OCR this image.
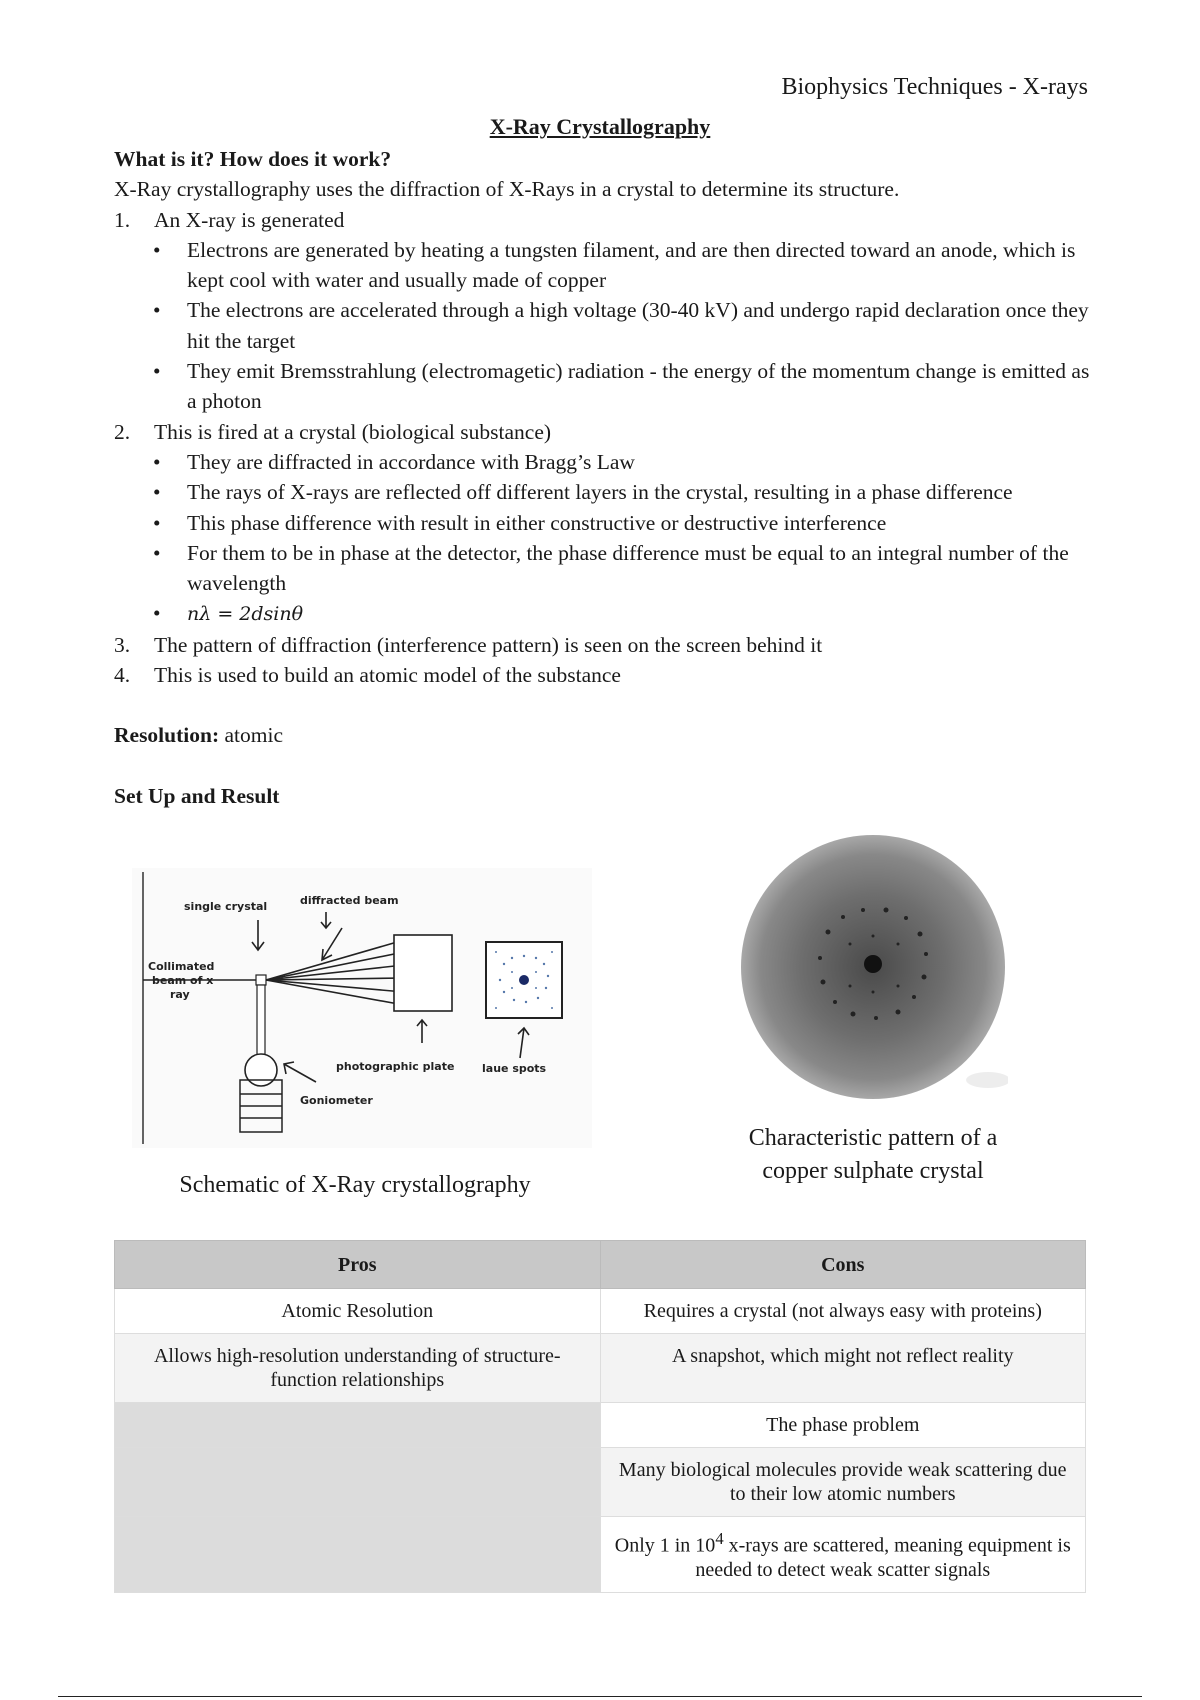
Biophysics Techniques - X-rays
X-Ray Crystallography
What is it? How does it work?
X-Ray crystallography uses the diffraction of X-Rays in a crystal to determine its structure.
1.	An X-ray is generated
• Electrons are generated by heating a tungsten filament, and are then directed toward an anode, which is kept cool with water and usually made of copper
• The electrons are accelerated through a high voltage (30-40 kV) and undergo rapid declaration once they hit the target
• They emit Bremsstrahlung (electromagetic) radiation - the energy of the momentum change is emitted as a photon
2.	This is fired at a crystal (biological substance)
• They are diffracted in accordance with Bragg’s Law
• The rays of X-rays are reflected off different layers in the crystal, resulting in a phase difference
• This phase difference with result in either constructive or destructive interference
• For them to be in phase at the detector, the phase difference must be equal to an integral number of the wavelength
• nλ = 2dsinθ
3.	The pattern of diffraction (interference pattern) is seen on the screen behind it
4.	This is used to build an atomic model of the substance
Resolution: atomic
Set Up and Result
single crystal	diffracted beam
Collimated
beam of x
ray
photographic plate	laue spots
Goniometer
Schematic of X-Ray crystallography
Characteristic pattern of a copper sulphate crystal
Pros	Cons
Atomic Resolution	Requires a crystal (not always easy with proteins)
Allows high-resolution understanding of structure-function relationships	A snapshot, which might not reflect reality
	The phase problem
	Many biological molecules provide weak scattering due to their low atomic numbers
	Only 1 in $10^4$ x-rays are scattered, meaning equipment is needed to detect weak scatter signals
